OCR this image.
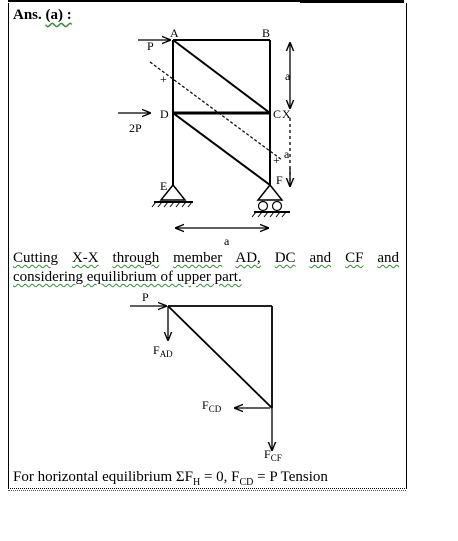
Ans. (a) :
A	B
D	C X
E	F
P
2P
a
a
a
+
+
Cutting X-X through member AD, DC and CF and
considering equilibrium of upper part.
P
$F_{AD}$
$F_{CD}$
$F_{CF}$
For horizontal equilibrium $\Sigma F_H = 0$, $F_{CD} = P$ Tension
